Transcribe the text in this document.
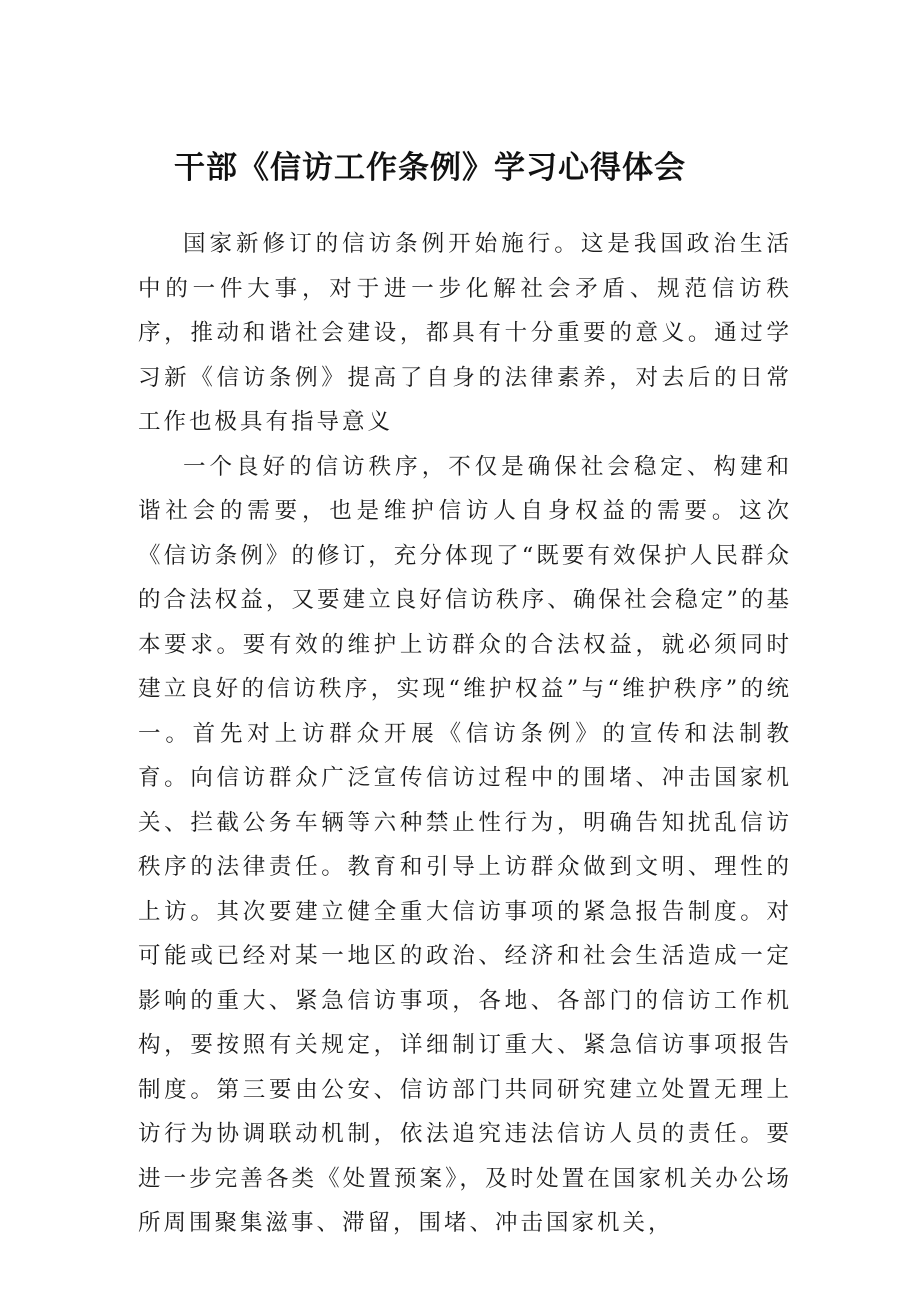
干部《信访工作条例》学习心得体会

国家新修订的信访条例开始施行。这是我国政治生活中的一件大事，对于进一步化解社会矛盾、规范信访秩序，推动和谐社会建设，都具有十分重要的意义。通过学习新《信访条例》提高了自身的法律素养，对去后的日常工作也极具有指导意义

一个良好的信访秩序，不仅是确保社会稳定、构建和谐社会的需要，也是维护信访人自身权益的需要。这次《信访条例》的修订，充分体现了“既要有效保护人民群众的合法权益，又要建立良好信访秩序、确保社会稳定”的基本要求。要有效的维护上访群众的合法权益，就必须同时建立良好的信访秩序，实现“维护权益”与“维护秩序”的统一。首先对上访群众开展《信访条例》的宣传和法制教育。向信访群众广泛宣传信访过程中的围堵、冲击国家机关、拦截公务车辆等六种禁止性行为，明确告知扰乱信访秩序的法律责任。教育和引导上访群众做到文明、理性的上访。其次要建立健全重大信访事项的紧急报告制度。对可能或已经对某一地区的政治、经济和社会生活造成一定影响的重大、紧急信访事项，各地、各部门的信访工作机构，要按照有关规定，详细制订重大、紧急信访事项报告制度。第三要由公安、信访部门共同研究建立处置无理上访行为协调联动机制，依法追究违法信访人员的责任。要进一步完善各类《处置预案》，及时处置在国家机关办公场所周围聚集滋事、滞留，围堵、冲击国家机关，
